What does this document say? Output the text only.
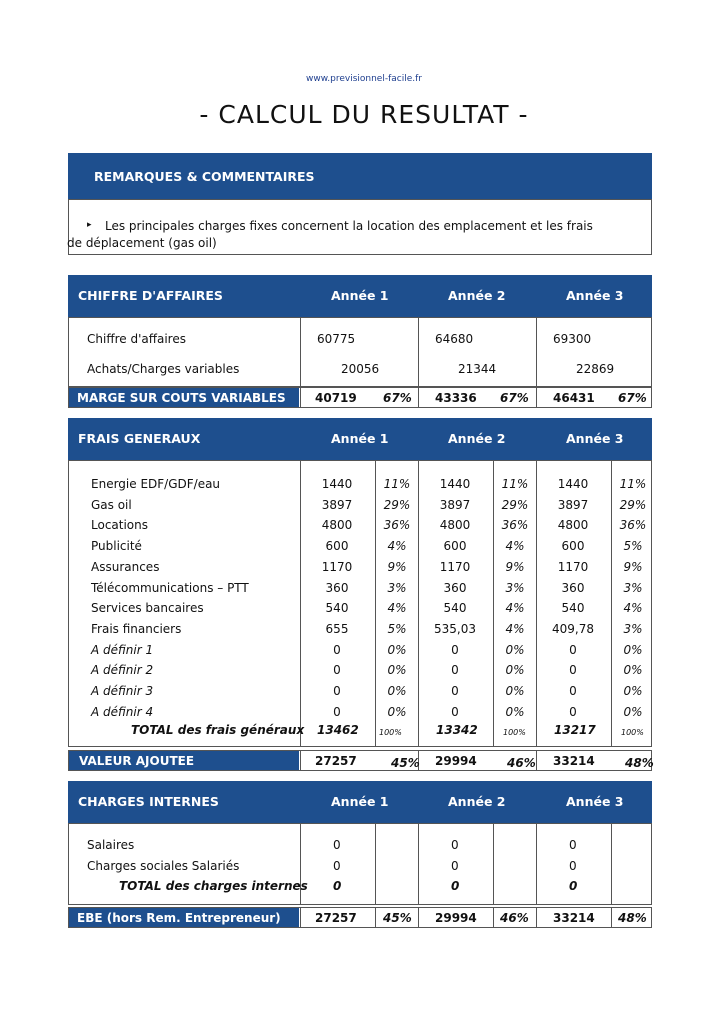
www.previsionnel-facile.fr
- CALCUL DU RESULTAT -
REMARQUES & COMMENTAIRES
▸ Les principales charges fixes concernent la location des emplacement et les frais
de déplacement (gas oil)
CHIFFRE D'AFFAIRES	Année 1	Année 2	Année 3
Chiffre d'affaires	60775	64680	69300
Achats/Charges variables	20056	21344	22869
MARGE SUR COUTS VARIABLES 40719 67% 43336 67% 46431 67%
FRAIS GENERAUX	Année 1	Année 2	Année 3
Energie EDF/GDF/eau	1440	11%	1440	11%	1440	11%
Gas oil	3897	29%	3897	29%	3897	29%
Locations	4800	36%	4800	36%	4800	36%
Publicité	600	4%	600	4%	600	5%
Assurances	1170	9%	1170	9%	1170	9%
Télécommunications – PTT	360	3%	360	3%	360	3%
Services bancaires	540	4%	540	4%	540	4%
Frais financiers	655	5%	535,03	4%	409,78	3%
A définir 1	0	0%	0	0%	0	0%
A définir 2	0	0%	0	0%	0	0%
A définir 3	0	0%	0	0%	0	0%
A définir 4	0	0%	0	0%	0	0%
TOTAL des frais généraux 13462	100%	13342	100% 13217	100%
VALEUR AJOUTEE	27257	45% 29994	46% 33214	48%
CHARGES INTERNES	Année 1	Année 2	Année 3
Salaires	0	0	0
Charges sociales Salariés	0	0	0
TOTAL des charges internes 0	0	0
EBE (hors Rem. Entrepreneur)	27257 45% 29994 46% 33214 48%
